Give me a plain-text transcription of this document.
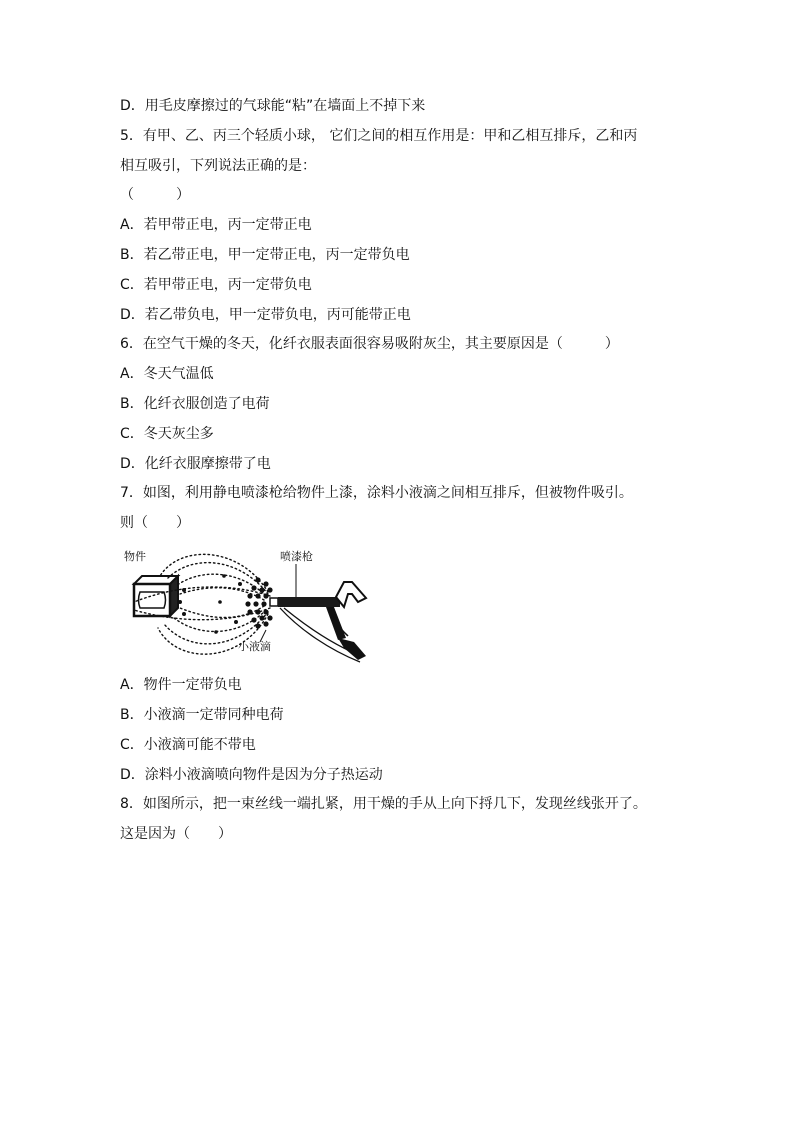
D．用毛皮摩擦过的气球能“粘”在墙面上不掉下来
5．有甲、乙、丙三个轻质小球， 它们之间的相互作用是：甲和乙相互排斥，乙和丙
相互吸引，下列说法正确的是：
（　　　）
A．若甲带正电，丙一定带正电
B．若乙带正电，甲一定带正电，丙一定带负电
C．若甲带正电，丙一定带负电
D．若乙带负电，甲一定带负电，丙可能带正电
6．在空气干燥的冬天，化纤衣服表面很容易吸附灰尘，其主要原因是（　　　）
A．冬天气温低
B．化纤衣服创造了电荷
C．冬天灰尘多
D．化纤衣服摩擦带了电
7．如图，利用静电喷漆枪给物件上漆，涂料小液滴之间相互排斥，但被物件吸引。
则（　　）
物件	喷漆枪
小液滴
A．物件一定带负电
B．小液滴一定带同种电荷
C．小液滴可能不带电
D．涂料小液滴喷向物件是因为分子热运动
8．如图所示，把一束丝线一端扎紧，用干燥的手从上向下捋几下，发现丝线张开了。
这是因为（　　）
